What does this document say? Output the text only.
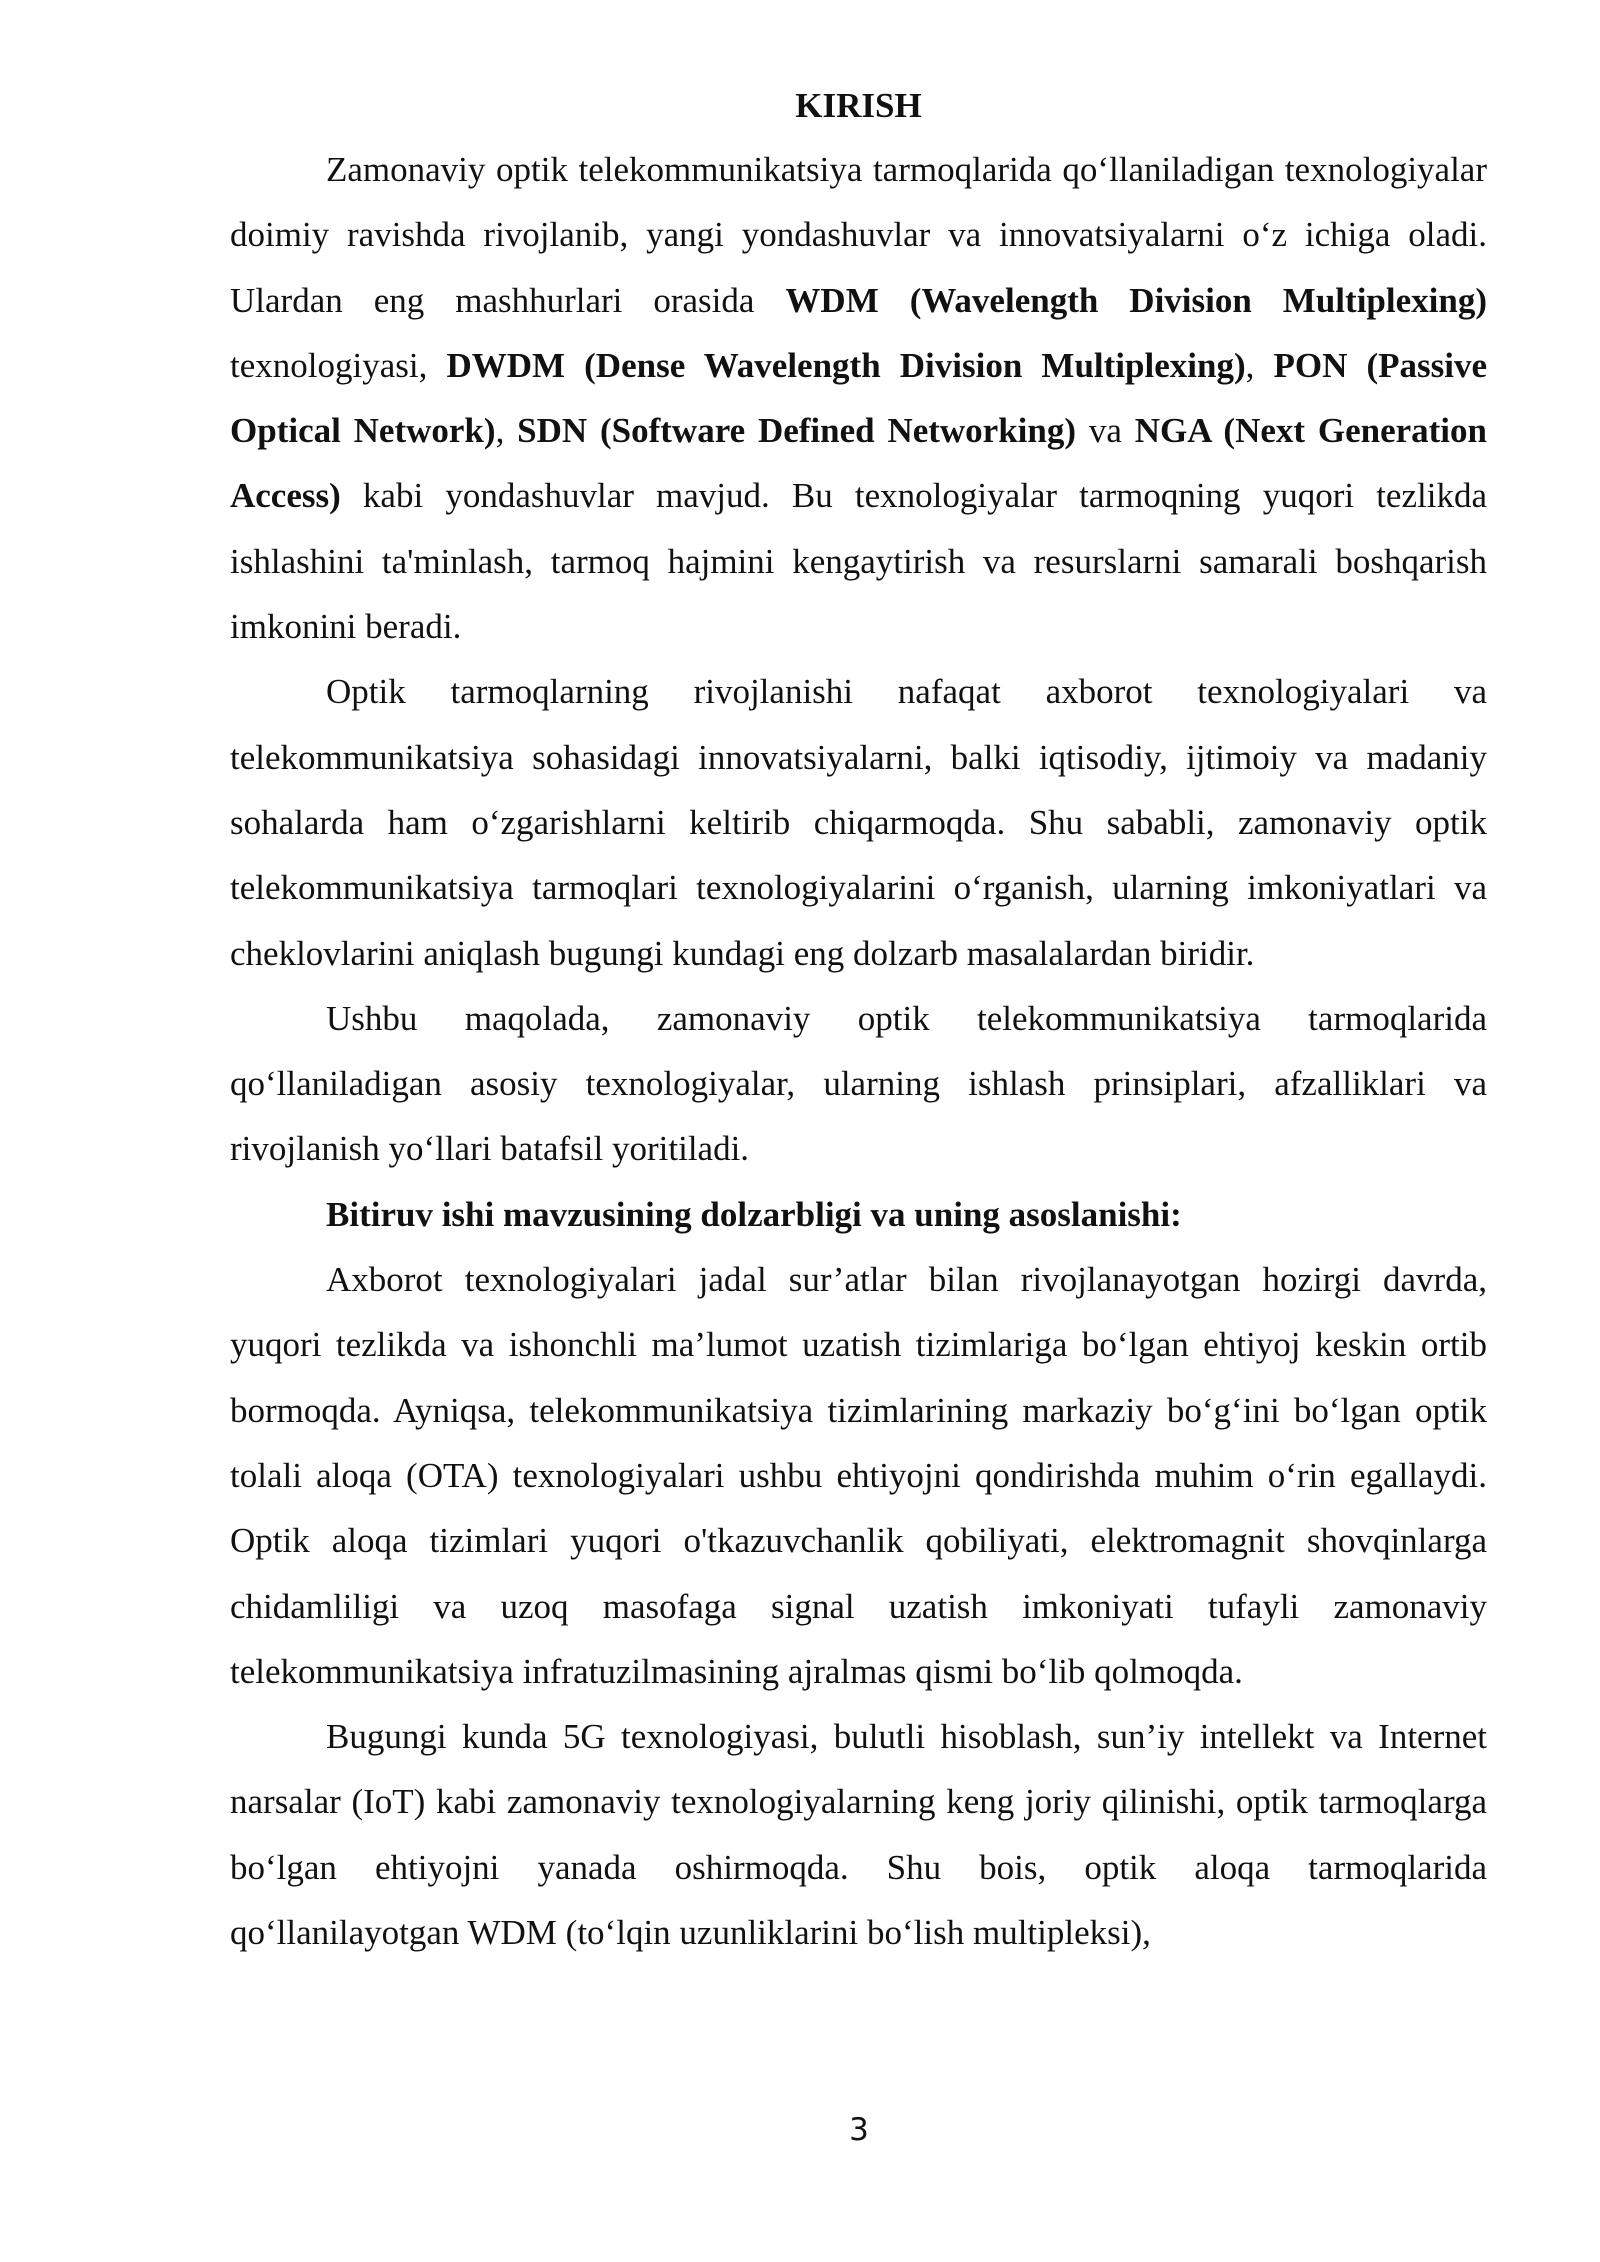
KIRISH

Zamonaviy optik telekommunikatsiya tarmoqlarida qo‘llaniladigan texnologiyalar doimiy ravishda rivojlanib, yangi yondashuvlar va innovatsiyalarni o‘z ichiga oladi. Ulardan eng mashhurlari orasida WDM (Wavelength Division Multiplexing) texnologiyasi, DWDM (Dense Wavelength Division Multiplexing), PON (Passive Optical Network), SDN (Software Defined Networking) va NGA (Next Generation Access) kabi yondashuvlar mavjud. Bu texnologiyalar tarmoqning yuqori tezlikda ishlashini ta'minlash, tarmoq hajmini kengaytirish va resurslarni samarali boshqarish imkonini beradi.

Optik tarmoqlarning rivojlanishi nafaqat axborot texnologiyalari va telekommunikatsiya sohasidagi innovatsiyalarni, balki iqtisodiy, ijtimoiy va madaniy sohalarda ham o‘zgarishlarni keltirib chiqarmoqda. Shu sababli, zamonaviy optik telekommunikatsiya tarmoqlari texnologiyalarini o‘rganish, ularning imkoniyatlari va cheklovlarini aniqlash bugungi kundagi eng dolzarb masalalardan biridir.

Ushbu maqolada, zamonaviy optik telekommunikatsiya tarmoqlarida qo‘llaniladigan asosiy texnologiyalar, ularning ishlash prinsiplari, afzalliklari va rivojlanish yo‘llari batafsil yoritiladi.

Bitiruv ishi mavzusining dolzarbligi va uning asoslanishi:

Axborot texnologiyalari jadal sur’atlar bilan rivojlanayotgan hozirgi davrda, yuqori tezlikda va ishonchli ma’lumot uzatish tizimlariga bo‘lgan ehtiyoj keskin ortib bormoqda. Ayniqsa, telekommunikatsiya tizimlarining markaziy bo‘g‘ini bo‘lgan optik tolali aloqa (OTA) texnologiyalari ushbu ehtiyojni qondirishda muhim o‘rin egallaydi. Optik aloqa tizimlari yuqori o'tkazuvchanlik qobiliyati, elektromagnit shovqinlarga chidamliligi va uzoq masofaga signal uzatish imkoniyati tufayli zamonaviy telekommunikatsiya infratuzilmasining ajralmas qismi bo‘lib qolmoqda.

Bugungi kunda 5G texnologiyasi, bulutli hisoblash, sun’iy intellekt va Internet narsalar (IoT) kabi zamonaviy texnologiyalarning keng joriy qilinishi, optik tarmoqlarga bo‘lgan ehtiyojni yanada oshirmoqda. Shu bois, optik aloqa tarmoqlarida qo‘llanilayotgan WDM (to‘lqin uzunliklarini bo‘lish multipleksi),

3
